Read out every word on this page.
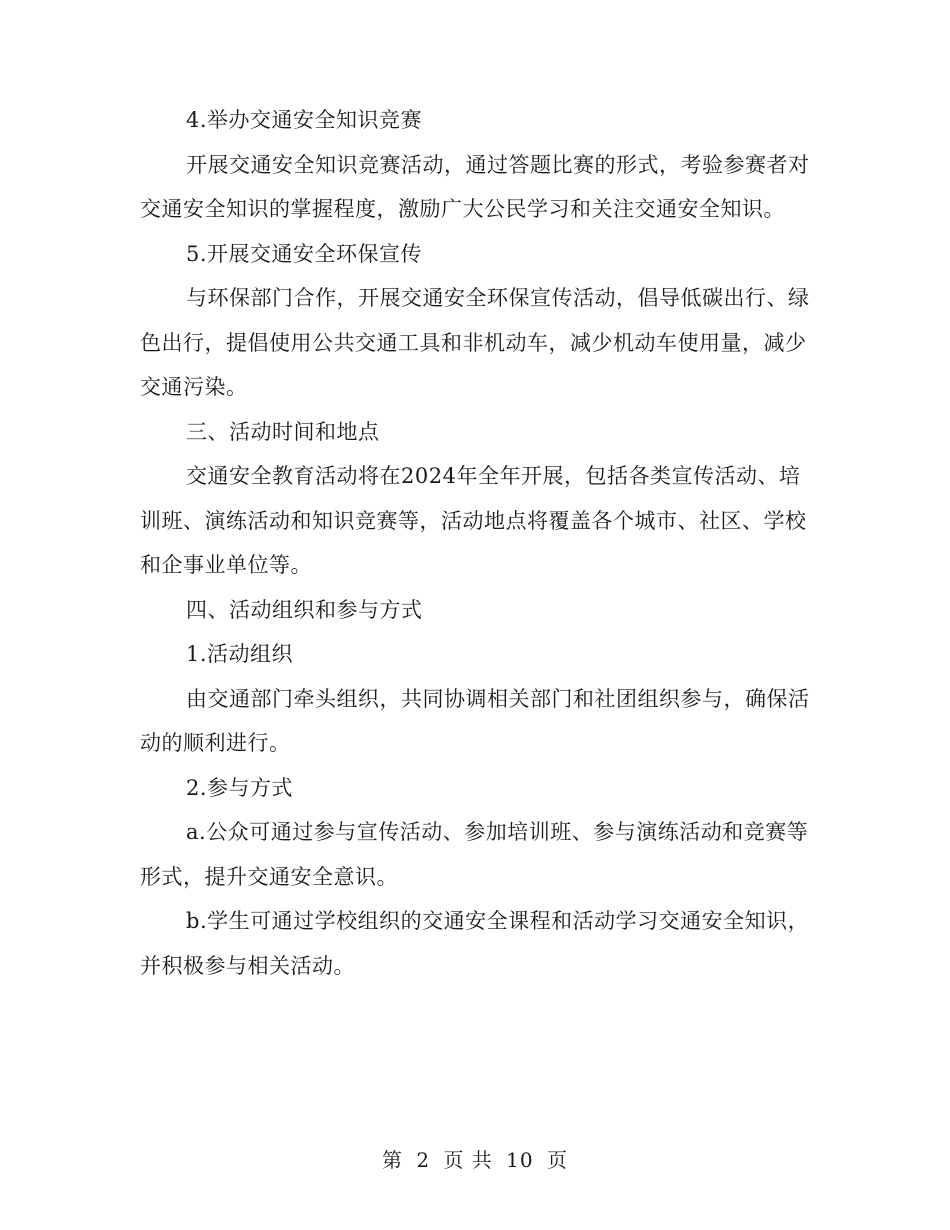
4.举办交通安全知识竞赛

开展交通安全知识竞赛活动，通过答题比赛的形式，考验参赛者对交通安全知识的掌握程度，激励广大公民学习和关注交通安全知识。

5.开展交通安全环保宣传

与环保部门合作，开展交通安全环保宣传活动，倡导低碳出行、绿色出行，提倡使用公共交通工具和非机动车，减少机动车使用量，减少交通污染。

三、活动时间和地点

交通安全教育活动将在2024年全年开展，包括各类宣传活动、培训班、演练活动和知识竞赛等，活动地点将覆盖各个城市、社区、学校和企事业单位等。

四、活动组织和参与方式

1.活动组织

由交通部门牵头组织，共同协调相关部门和社团组织参与，确保活动的顺利进行。

2.参与方式

a.公众可通过参与宣传活动、参加培训班、参与演练活动和竞赛等形式，提升交通安全意识。

b.学生可通过学校组织的交通安全课程和活动学习交通安全知识，并积极参与相关活动。

第 2 页 共 10 页
